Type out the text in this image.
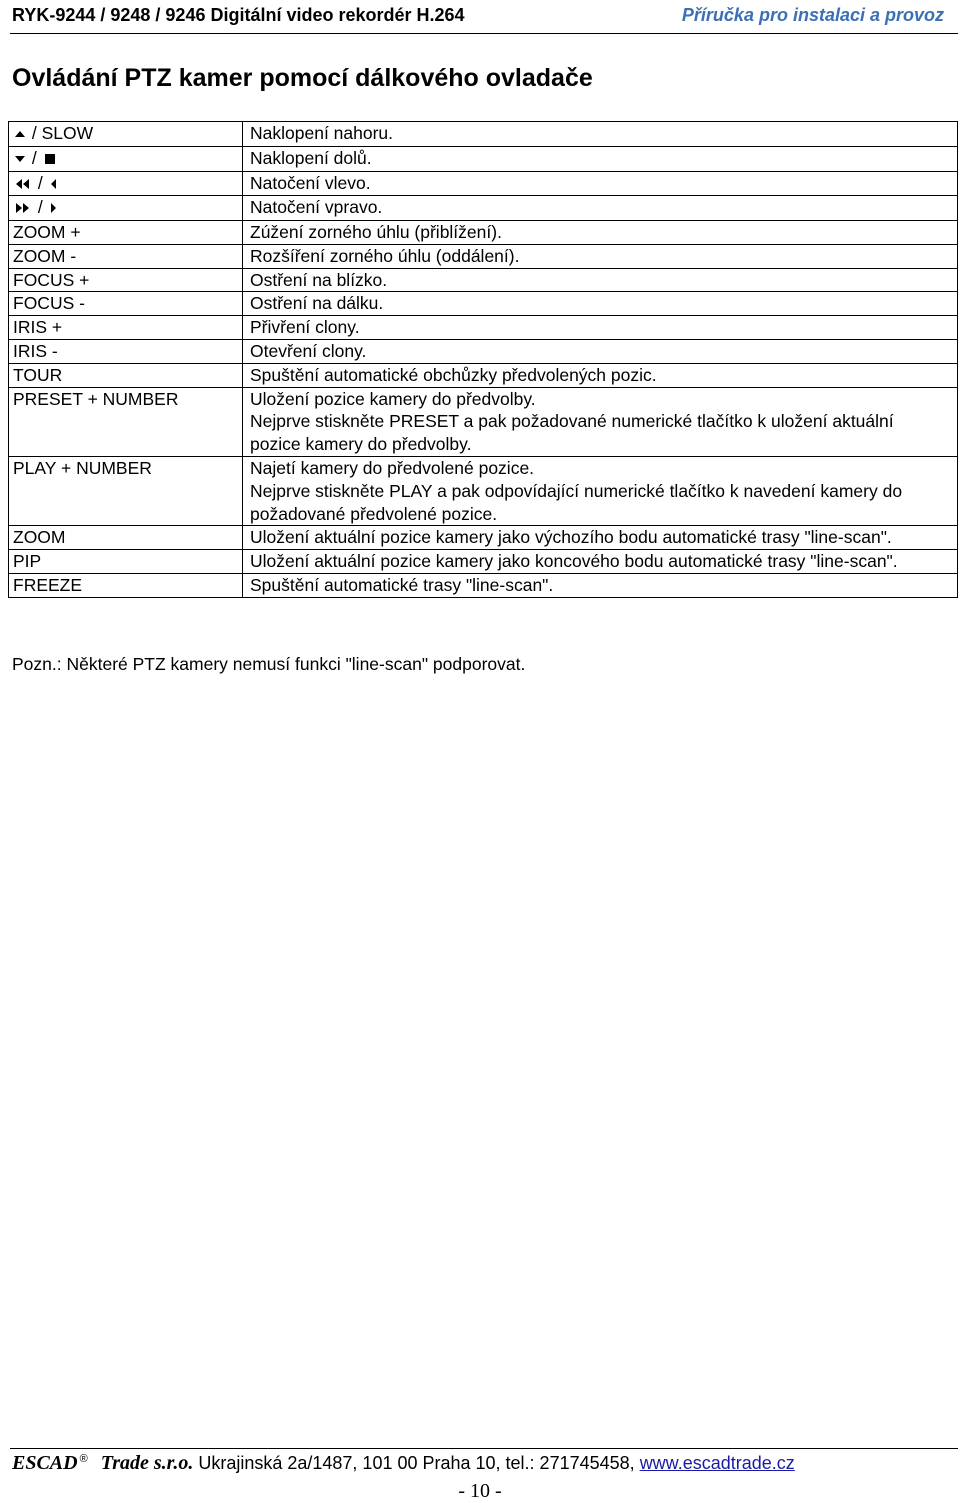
RYK-9244 / 9248 / 9246 Digitální video rekordér H.264	Příručka pro instalaci a provoz
Ovládání PTZ kamer pomocí dálkového ovladače
/ SLOW	Naklopení nahoru.

/	Naklopení dolů.

/	Natočení vlevo.

/	Natočení vpravo.

ZOOM +	Zúžení zorného úhlu (přiblížení).

ZOOM -	Rozšíření zorného úhlu (oddálení).

FOCUS +	Ostření na blízko.

FOCUS -	Ostření na dálku.

IRIS +	Přivření clony.

IRIS -	Otevření clony.

TOUR	Spuštění automatické obchůzky předvolených pozic.

PRESET + NUMBER	Uložení pozice kamery do předvolby.
Nejprve stiskněte PRESET a pak požadované numerické tlačítko k uložení aktuální pozice kamery do předvolby.

PLAY + NUMBER	Najetí kamery do předvolené pozice.
Nejprve stiskněte PLAY a pak odpovídající numerické tlačítko k navedení kamery do požadované předvolené pozice.

ZOOM	Uložení aktuální pozice kamery jako výchozího bodu automatické trasy "line-scan".

PIP	Uložení aktuální pozice kamery jako koncového bodu automatické trasy "line-scan".

FREEZE	Spuštění automatické trasy "line-scan".
Pozn.: Některé PTZ kamery nemusí funkci "line-scan" podporovat.
ESCAD ® Trade s.r.o. Ukrajinská 2a/1487, 101 00 Praha 10, tel.: 271745458, www.escadtrade.cz
- 10 -
